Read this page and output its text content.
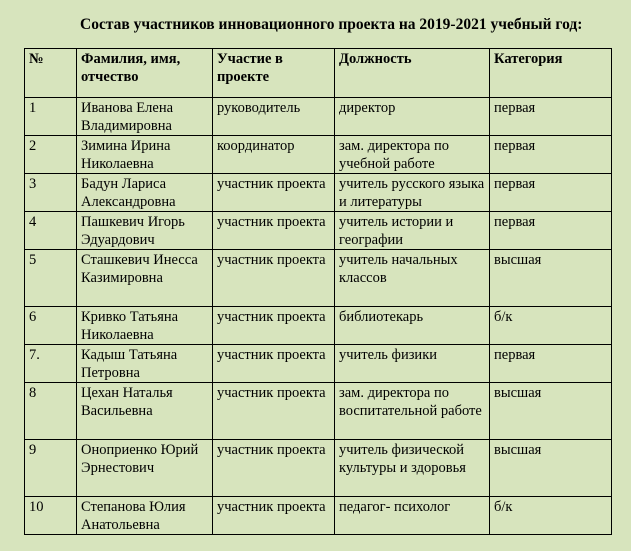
Состав участников инновационного проекта на 2019-2021 учебный год:
№	Фамилия, имя, отчество	Участие в проекте	Должность	Категория
1	Иванова Елена Владимировна	руководитель	директор	первая
2	Зимина Ирина Николаевна	координатор	зам. директора по учебной работе	первая
3	Бадун Лариса Александровна	участник проекта	учитель русского языка и литературы	первая
4	Пашкевич Игорь Эдуардович	участник проекта	учитель истории и географии	первая
5	Сташкевич Инесса Казимировна	участник проекта	учитель начальных классов	высшая
6	Кривко Татьяна Николаевна	участник проекта	библиотекарь	б/к
7.	Кадыш Татьяна Петровна	участник проекта	учитель физики	первая
8	Цехан Наталья Васильевна	участник проекта	зам. директора по воспитательной работе	высшая
9	Оноприенко Юрий Эрнестович	участник проекта	учитель физической культуры и здоровья	высшая
10	Степанова Юлия Анатольевна	участник проекта	педагог- психолог	б/к
